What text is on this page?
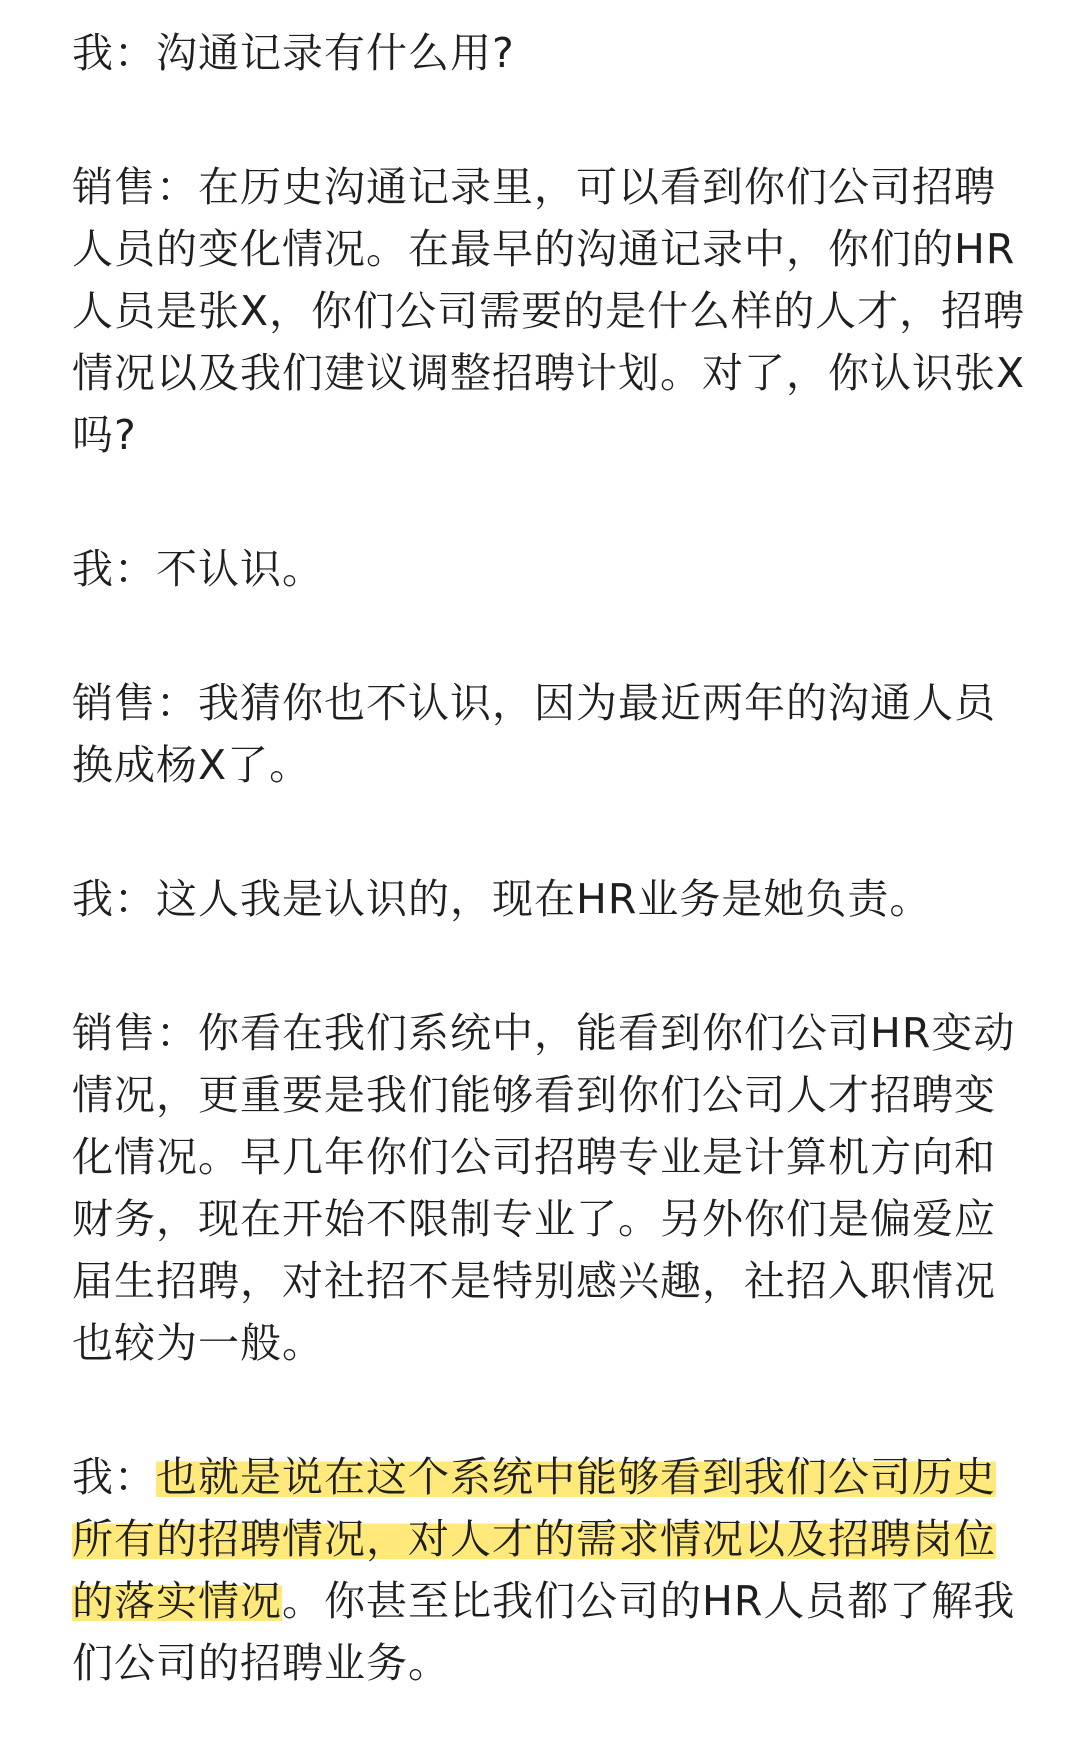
我：沟通记录有什么用?

销售：在历史沟通记录里，可以看到你们公司招聘人员的变化情况。在最早的沟通记录中，你们的HR 人员是张X，你们公司需要的是什么样的人才，招聘情况以及我们建议调整招聘计划。对了，你认识张X吗?

我：不认识。

销售：我猜你也不认识，因为最近两年的沟通人员换成杨X了。

我：这人我是认识的，现在HR业务是她负责。

销售：你看在我们系统中，能看到你们公司HR变动情况，更重要是我们能够看到你们公司人才招聘变化情况。早几年你们公司招聘专业是计算机方向和财务，现在开始不限制专业了。另外你们是偏爱应届生招聘，对社招不是特别感兴趣，社招入职情况也较为一般。

我：也就是说在这个系统中能够看到我们公司历史所有的招聘情况，对人才的需求情况以及招聘岗位的落实情况。你甚至比我们公司的HR人员都了解我们公司的招聘业务。
